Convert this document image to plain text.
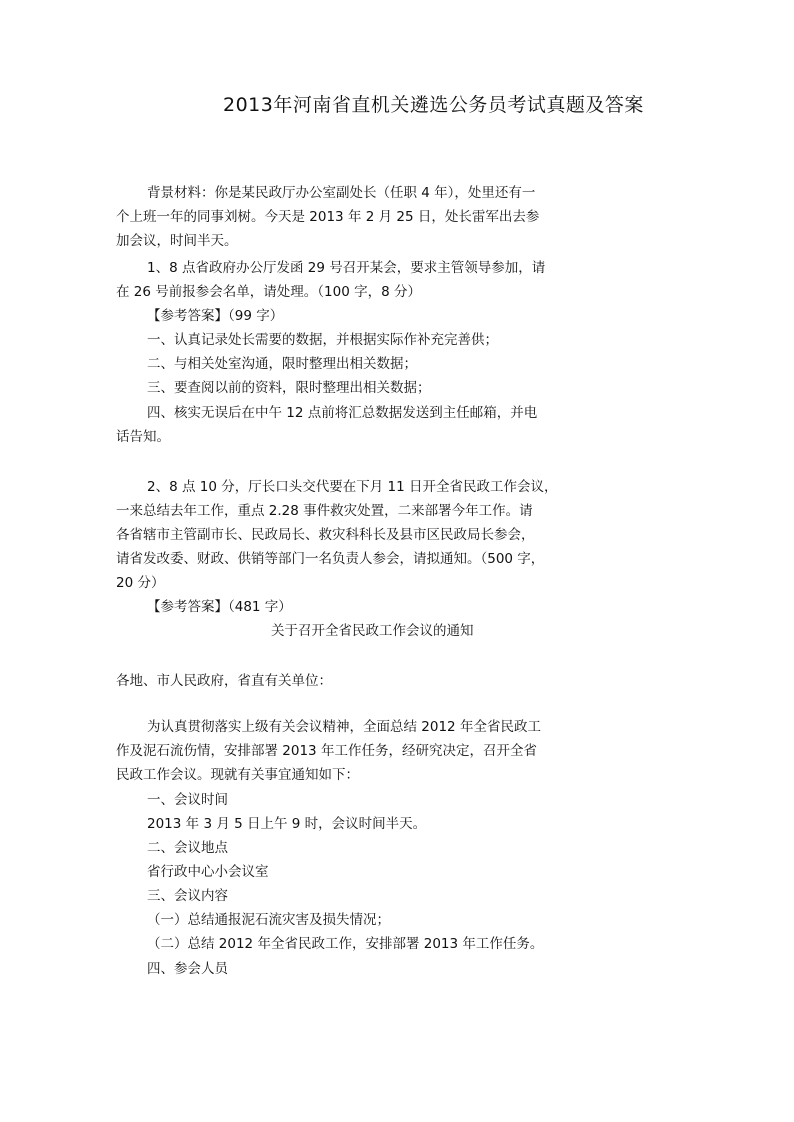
2013年河南省直机关遴选公务员考试真题及答案
背景材料：你是某民政厅办公室副处长（任职 4 年），处里还有一
个上班一年的同事刘树。今天是 2013 年 2 月 25 日，处长雷军出去参
加会议，时间半天。
1、8 点省政府办公厅发函 29 号召开某会，要求主管领导参加，请
在 26 号前报参会名单，请处理。（100 字，8 分）
【参考答案】（99 字）
一、认真记录处长需要的数据，并根据实际作补充完善供；
二、与相关处室沟通，限时整理出相关数据；
三、要查阅以前的资料，限时整理出相关数据；
四、核实无误后在中午 12 点前将汇总数据发送到主任邮箱，并电
话告知。
2、8 点 10 分，厅长口头交代要在下月 11 日开全省民政工作会议，
一来总结去年工作，重点 2.28 事件救灾处置，二来部署今年工作。请
各省辖市主管副市长、民政局长、救灾科科长及县市区民政局长参会，
请省发改委、财政、供销等部门一名负责人参会，请拟通知。（500 字，
20 分）
【参考答案】（481 字）
关于召开全省民政工作会议的通知
各地、市人民政府，省直有关单位：
为认真贯彻落实上级有关会议精神，全面总结 2012 年全省民政工
作及泥石流伤情，安排部署 2013 年工作任务，经研究决定，召开全省
民政工作会议。现就有关事宜通知如下：
一、会议时间
2013 年 3 月 5 日上午 9 时，会议时间半天。
二、会议地点
省行政中心小会议室
三、会议内容
（一）总结通报泥石流灾害及损失情况；
（二）总结 2012 年全省民政工作，安排部署 2013 年工作任务。
四、参会人员
